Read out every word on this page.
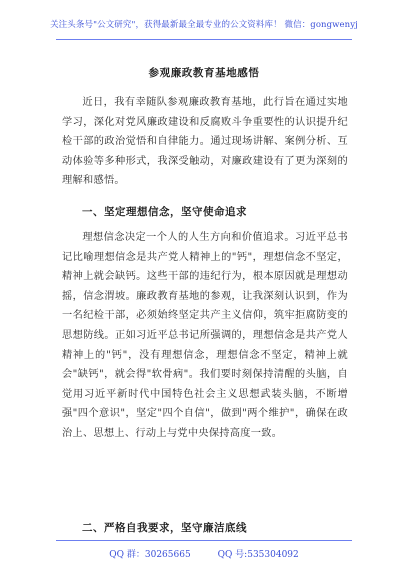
关注头条号"公文研究"，获得最新最全最专业的公文资料库！ 微信：gongwenyj
参观廉政教育基地感悟

近日，我有幸随队参观廉政教育基地，此行旨在通过实地学习，深化对党风廉政建设和反腐败斗争重要性的认识提升纪检干部的政治觉悟和自律能力。通过现场讲解、案例分析、互动体验等多种形式，我深受触动，对廉政建设有了更为深刻的理解和感悟。

一、坚定理想信念，坚守使命追求

理想信念决定一个人的人生方向和价值追求。习近平总书记比喻理想信念是共产党人精神上的"钙"，理想信念不坚定，精神上就会缺钙。这些干部的违纪行为，根本原因就是理想动摇，信念渭坡。廉政教育基地的参观，让我深刻认识到，作为一名纪检干部，必须始终坚定共产主义信仰，筑牢拒腐防变的思想防线。正如习近平总书记所强调的，理想信念是共产党人精神上的"钙"，没有理想信念，理想信念不坚定，精神上就会"缺钙"，就会得"软骨病"。我们要时刻保持清醒的头脑，自觉用习近平新时代中国特色社会主义思想武装头脑，不断增强"四个意识"，坚定"四个自信"，做到"两个维护"，确保在政治上、思想上、行动上与党中央保持高度一致。

二、严格自我要求，坚守廉洁底线
QQ 群：30265665	QQ 号:535304092
